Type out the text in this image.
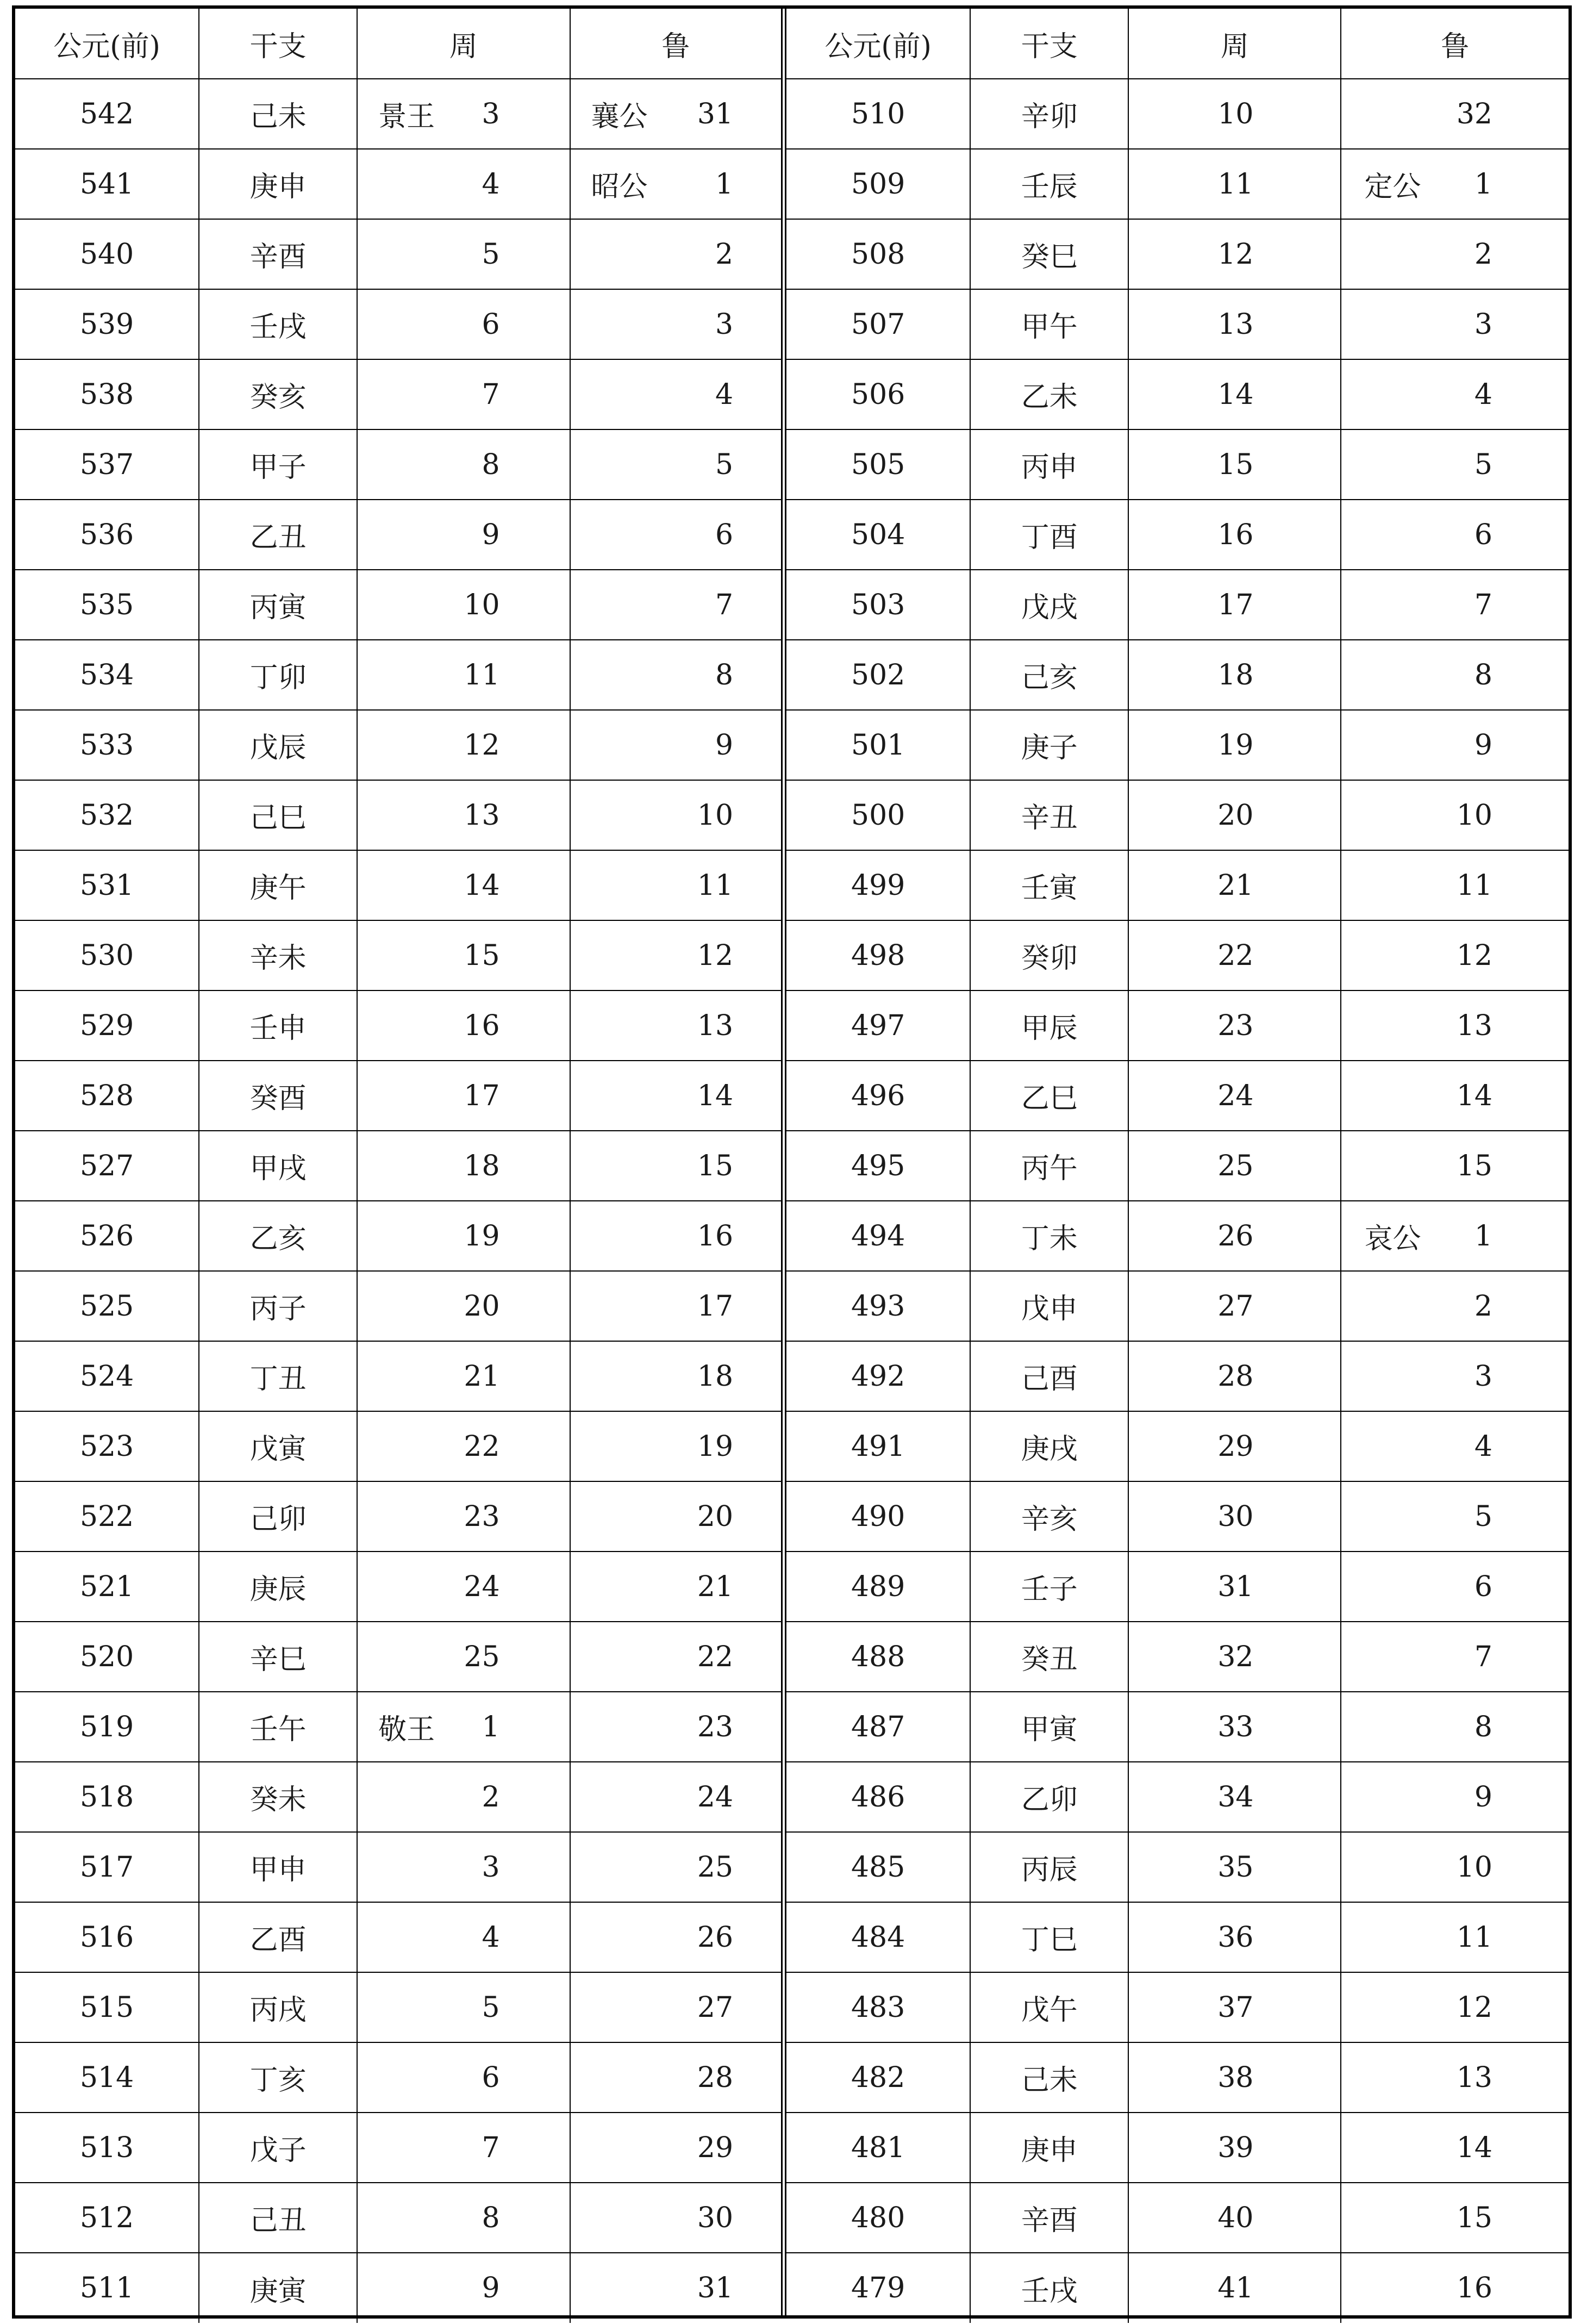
公元(前)	干支	周	鲁
542	己未	景王 3	襄公 31

541	庚申	4	昭公 1

540	辛酉	5	2

539	壬戌	6	3

538	癸亥	7	4

537	甲子	8	5

536	乙丑	9	6

535	丙寅	10	7

534	丁卯	11	8

533	戊辰	12	9

532	己巳	13	10

531	庚午	14	11

530	辛未	15	12

529	壬申	16	13

528	癸酉	17	14

527	甲戌	18	15

526	乙亥	19	16

525	丙子	20	17

524	丁丑	21	18

523	戊寅	22	19

522	己卯	23	20

521	庚辰	24	21

520	辛巳	25	22

519	壬午	敬王 1	23

518	癸未	2	24

517	甲申	3	25

516	乙酉	4	26

515	丙戌	5	27

514	丁亥	6	28

513	戊子	7	29

512	己丑	8	30

511	庚寅	9	31
公元(前)	干支	周	鲁
510	辛卯	10	32

509	壬辰	11	定公 1

508	癸巳	12	2

507	甲午	13	3

506	乙未	14	4

505	丙申	15	5

504	丁酉	16	6

503	戊戌	17	7

502	己亥	18	8

501	庚子	19	9

500	辛丑	20	10

499	壬寅	21	11

498	癸卯	22	12

497	甲辰	23	13

496	乙巳	24	14

495	丙午	25	15

494	丁未	26	哀公 1

493	戊申	27	2

492	己酉	28	3

491	庚戌	29	4

490	辛亥	30	5

489	壬子	31	6

488	癸丑	32	7

487	甲寅	33	8

486	乙卯	34	9

485	丙辰	35	10

484	丁巳	36	11

483	戊午	37	12

482	己未	38	13

481	庚申	39	14

480	辛酉	40	15

479	壬戌	41	16
